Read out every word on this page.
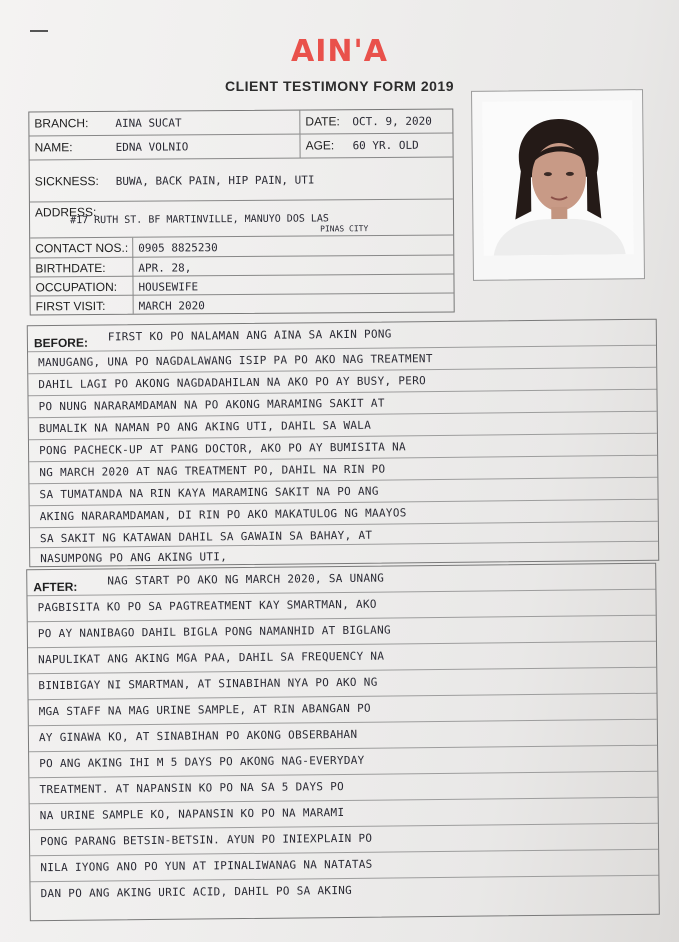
AIN'A
CLIENT TESTIMONY FORM 2019
BRANCH: AINA SUCAT	DATE: OCT. 9, 2020
NAME:	EDNA VOLNIO	AGE: 60 YR. OLD
SICKNESS: BUWA, BACK PAIN, HIP PAIN, UTI
ADDRESS:
#17 RUTH ST. BF MARTINVILLE, MANUYO DOS LAS
PINAS CITY
CONTACT NOS.: 0905 8825230
BIRTHDATE:	APR. 28,
OCCUPATION: HOUSEWIFE
FIRST VISIT:	MARCH 2020
BEFORE: FIRST KO PO NALAMAN ANG AINA SA AKIN PONG
MANUGANG, UNA PO NAGDALAWANG ISIP PA PO AKO NAG TREATMENT
DAHIL LAGI PO AKONG NAGDADAHILAN NA AKO PO AY BUSY, PERO
PO NUNG NARARAMDAMAN NA PO AKONG MARAMING SAKIT AT
BUMALIK NA NAMAN PO ANG AKING UTI, DAHIL SA WALA
PONG PACHECK-UP AT PANG DOCTOR, AKO PO AY BUMISITA NA
NG MARCH 2020 AT NAG TREATMENT PO, DAHIL NA RIN PO
SA TUMATANDA NA RIN KAYA MARAMING SAKIT NA PO ANG
AKING NARARAMDAMAN, DI RIN PO AKO MAKATULOG NG MAAYOS
SA SAKIT NG KATAWAN DAHIL SA GAWAIN SA BAHAY, AT
NASUMPONG PO ANG AKING UTI,
AFTER:	NAG START PO AKO NG MARCH 2020, SA UNANG
PAGBISITA KO PO SA PAGTREATMENT KAY SMARTMAN, AKO
PO AY NANIBAGO DAHIL BIGLA PONG NAMANHID AT BIGLANG
NAPULIKAT ANG AKING MGA PAA, DAHIL SA FREQUENCY NA
BINIBIGAY NI SMARTMAN, AT SINABIHAN NYA PO AKO NG
MGA STAFF NA MAG URINE SAMPLE, AT RIN ABANGAN PO
AY GINAWA KO, AT SINABIHAN PO AKONG OBSERBAHAN
PO ANG AKING IHI M 5 DAYS PO AKONG NAG-EVERYDAY
TREATMENT. AT NAPANSIN KO PO NA SA 5 DAYS PO
NA URINE SAMPLE KO, NAPANSIN KO PO NA MARAMI
PONG PARANG BETSIN-BETSIN. AYUN PO INIEXPLAIN PO
NILA IYONG ANO PO YUN AT IPINALIWANAG NA NATATAS
DAN PO ANG AKING URIC ACID, DAHIL PO SA AKING
